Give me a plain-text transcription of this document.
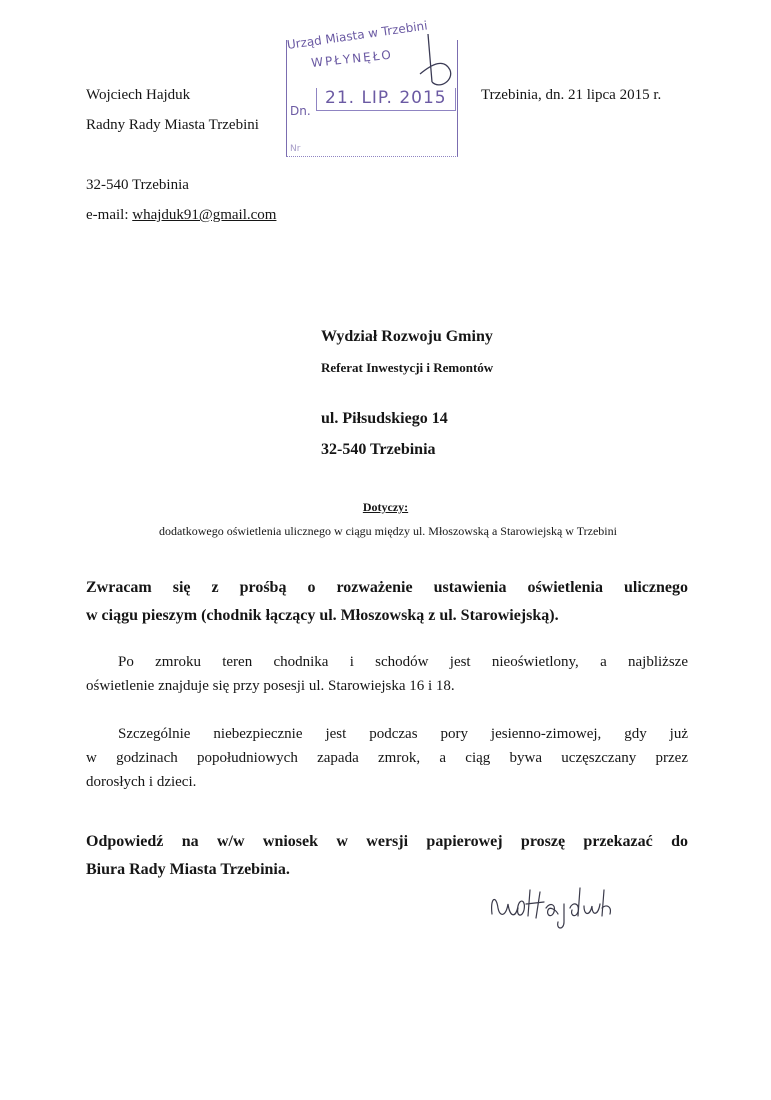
Wojciech Hajduk
Radny Rady Miasta Trzebini
32-540 Trzebinia
e-mail: whajduk91@gmail.com
Trzebinia, dn. 21 lipca 2015 r.
Urząd Miasta w Trzebini
WPŁYNĘŁO
Dn.
21. LIP. 2015
Nr
Wydział Rozwoju Gminy
Referat Inwestycji i Remontów
ul. Piłsudskiego 14
32-540 Trzebinia
Dotyczy:
dodatkowego oświetlenia ulicznego w ciągu między ul. Młoszowską a Starowiejską w Trzebini
Zwracam się z prośbą o rozważenie ustawienia oświetlenia ulicznego
w ciągu pieszym (chodnik łączący ul. Młoszowską z ul. Starowiejską).
Po zmroku teren chodnika i schodów jest nieoświetlony, a najbliższe
oświetlenie znajduje się przy posesji ul. Starowiejska 16 i 18.
Szczególnie niebezpiecznie jest podczas pory jesienno-zimowej, gdy już
w godzinach popołudniowych zapada zmrok, a ciąg bywa uczęszczany przez
dorosłych i dzieci.
Odpowiedź na w/w wniosek w wersji papierowej proszę przekazać do
Biura Rady Miasta Trzebinia.
